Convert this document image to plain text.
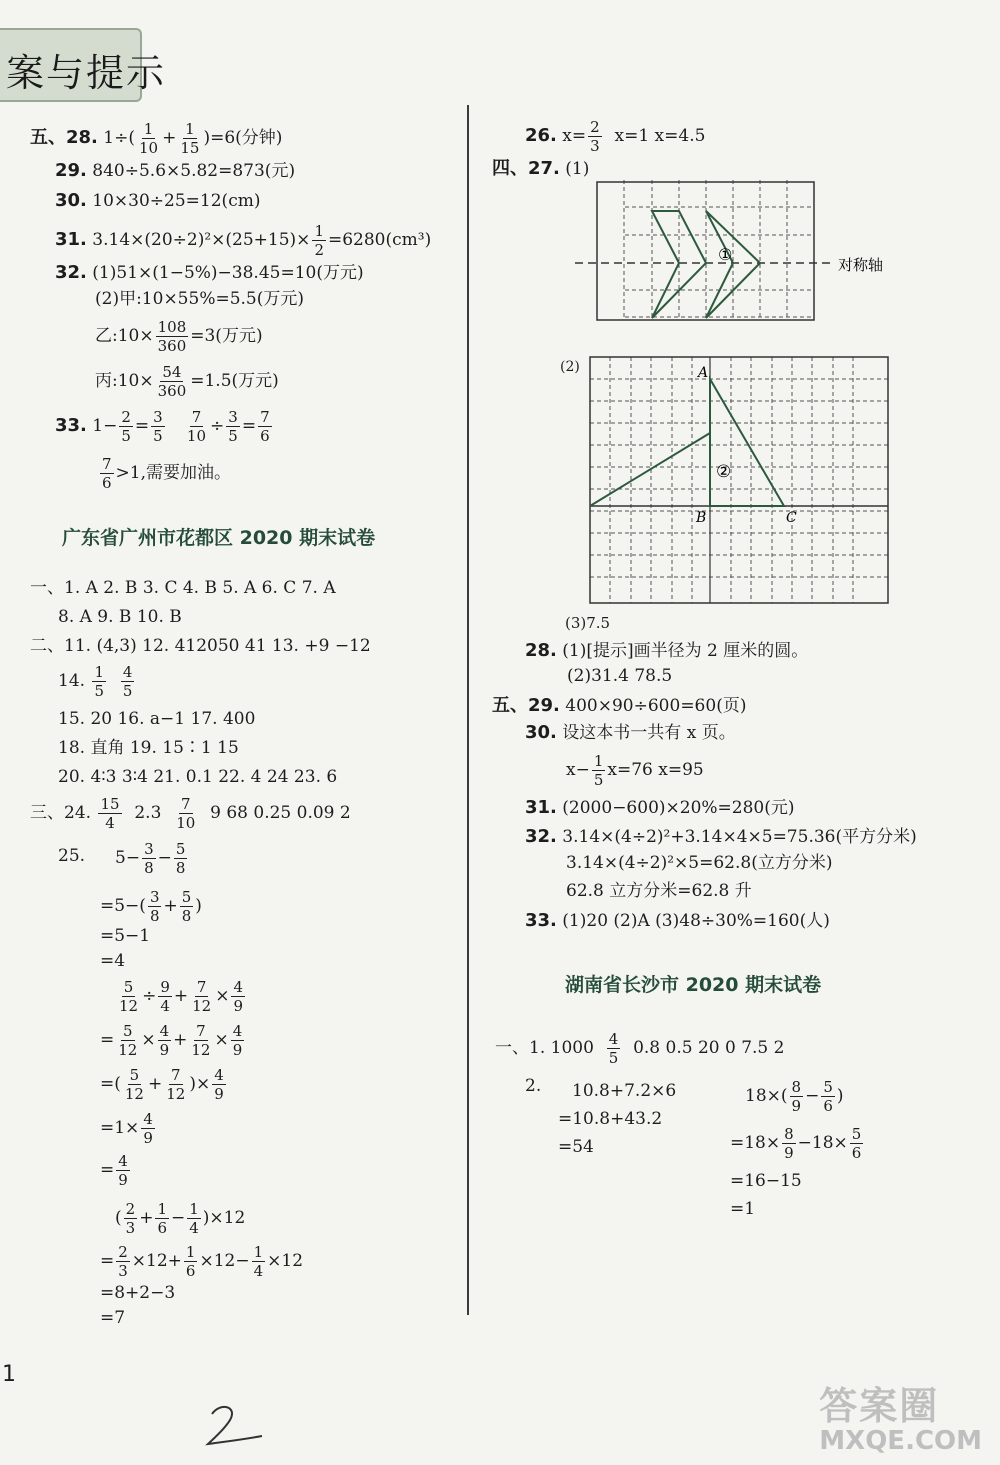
案与提示
五、28. $1\div( \frac{1}{10} + \frac{1}{15} )=6$(分钟)
29. 840÷5.6×5.82=873(元)
30. 10×30÷25=12(cm)
31. $3.14\times(20\div 2)^2\times(25+15)\times \frac{1}{2} =6280(cm^3)$
32. (1)51×(1−5%)−38.45=10(万元)
(2)甲:10×55%=5.5(万元)
乙:10× $\frac{108}{360} =3$(万元)
丙:10× $\frac{54}{360} =1.5$(万元)
33. $1- \frac{2}{5} = \frac{3}{5}$
$\frac{7}{10} \div \frac{3}{5} = \frac{7}{6}$
$\frac{7}{6} >1$,需要加油。
广东省广州市花都区 2020 期末试卷
一、1. A 2. B 3. C 4. B 5. A 6. C 7. A
8. A 9. B 10. B
二、11. (4,3) 12. 412050 41 13. +9 −12
14. $\frac{1}{5}$
$\frac{4}{5}$
15. 20 16. a−1 17. 400
18. 直角 19. 15∶1 15
20. 4∶3 3∶4 21. 0.1 22. 4 24 23. 6
三、24. $\frac{15}{4} 2.3 \frac{7}{10} 9$ 68 0.25 0.09 2
25. $5- \frac{3}{8} - \frac{5}{8}$
$=5-( \frac{3}{8} + \frac{5}{8}$ )
=5−1
=4
$\frac{5}{12} \div \frac{9}{4} + \frac{7}{12} \times \frac{4}{9}$
= $\frac{5}{12} \times \frac{4}{9} + \frac{7}{12} \times \frac{4}{9}$
=( $\frac{5}{12} + \frac{7}{12}$ )× $\frac{4}{9}$
$=1\times \frac{4}{9}$
= $\frac{4}{9}$
( $\frac{2}{3} + \frac{1}{6} - \frac{1}{4} )\times 12$
= $\frac{2}{3} \times 12+ \frac{1}{6} \times 12- \frac{1}{4} \times 12$
=8+2−3
=7
26. $x= \frac{2}{3} x=1$ x=4.5
四、27. (1)
①
对称轴
(2)	A
B	C
②
(3)7.5
28. (1)[提示]画半径为 2 厘米的圆。
(2)31.4 78.5
五、29. 400×90÷600=60(页)
30. 设这本书一共有 x 页。
$x- \frac{1}{5} x=76$ x=95
31. (2000−600)×20%=280(元)
32. 3.14×(4÷2)²+3.14×4×5=75.36(平方分米)
3.14×(4÷2)²×5=62.8(立方分米)
62.8 立方分米=62.8 升
33. (1)20 (2)A (3)48÷30%=160(人)
湖南省长沙市 2020 期末试卷
一、1. $1000 \frac{4}{5} 0.8$ 0.5 20 0 7.5 2
2. 10.8+7.2×6
=10.8+43.2
=54
$18\times( \frac{8}{9} - \frac{5}{6}$ )
$=18\times \frac{8}{9} -18\times \frac{5}{6}$
=16−15
=1
1
答案圈
MXQE.COM
